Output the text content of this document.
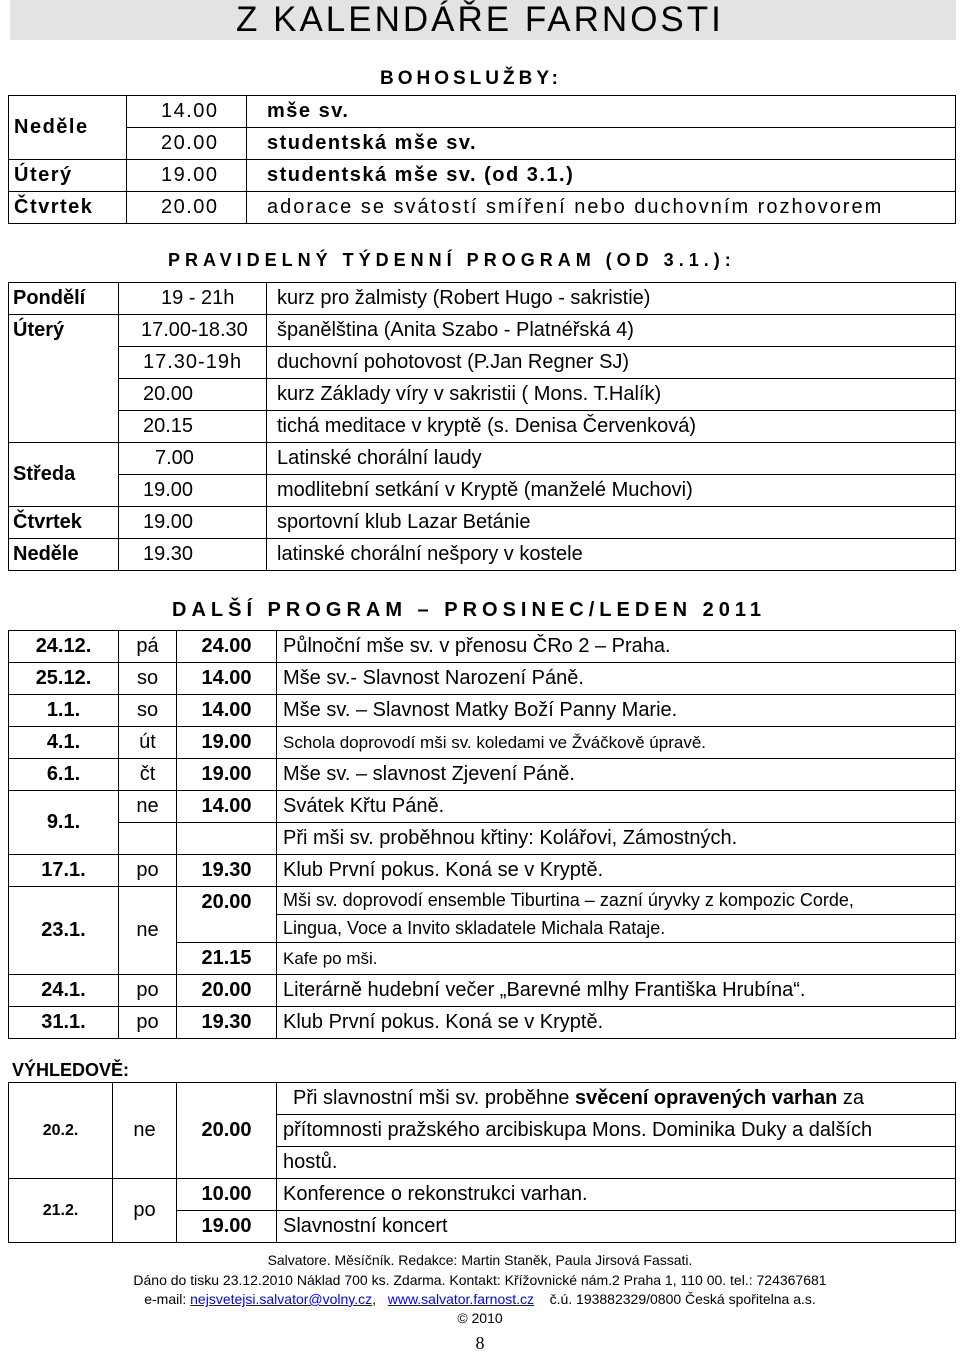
Z KALENDÁŘE FARNOSTI
BOHOSLUŽBY:
Neděle	14.00	mše sv.
	20.00	studentská mše sv.
Úterý	19.00	studentská mše sv. (od 3.1.)
Čtvrtek	20.00	adorace se svátostí smíření nebo duchovním rozhovorem
PRAVIDELNÝ TÝDENNÍ PROGRAM (OD 3.1.):
Pondělí	19 - 21h	kurz pro žalmisty (Robert Hugo - sakristie)
Úterý	17.00-18.30	španělština (Anita Szabo - Platnéřská 4)
	17.30-19h	duchovní pohotovost (P.Jan Regner SJ)
	20.00	kurz Základy víry v sakristii ( Mons. T.Halík)
	20.15	tichá meditace v kryptě (s. Denisa Červenková)
Středa	7.00	Latinské chorální laudy
	19.00	modlitební setkání v Kryptě (manželé Muchovi)
Čtvrtek	19.00	sportovní klub Lazar Betánie
Neděle	19.30	latinské chorální nešpory v kostele
DALŠÍ PROGRAM – PROSINEC/LEDEN 2011
24.12.	pá	24.00	Půlnoční mše sv. v přenosu ČRo 2 – Praha.
25.12.	so	14.00	Mše sv.- Slavnost Narození Páně.
1.1.	so	14.00	Mše sv. – Slavnost Matky Boží Panny Marie.
4.1.	út	19.00	Schola doprovodí mši sv. koledami ve Žváčkově úpravě.
6.1.	čt	19.00	Mše sv. – slavnost Zjevení Páně.
9.1.	ne	14.00	Svátek Křtu Páně.
			Při mši sv. proběhnou křtiny: Kolářovi, Zámostných.
17.1.	po	19.30	Klub První pokus. Koná se v Kryptě.
23.1.	ne	20.00	Mši sv. doprovodí ensemble Tiburtina – zazní úryvky z kompozic Corde,
			Lingua, Voce a Invito skladatele Michala Rataje.
		21.15	Kafe po mši.
24.1.	po	20.00	Literárně hudební večer „Barevné mlhy Františka Hrubína“.
31.1.	po	19.30	Klub První pokus. Koná se v Kryptě.
VÝHLEDOVĚ:
20.2.	ne	20.00	Při slavnostní mši sv. proběhne svěcení opravených varhan za
			přítomnosti pražského arcibiskupa Mons. Dominika Duky a dalších
			hostů.
21.2.	po	10.00	Konference o rekonstrukci varhan.
		19.00	Slavnostní koncert
Salvatore. Měsíčník. Redakce: Martin Staněk, Paula Jirsová Fassati.
Dáno do tisku 23.12.2010 Náklad 700 ks. Zdarma. Kontakt: Křížovnické nám.2 Praha 1, 110 00. tel.: 724367681
e-mail: nejsvetejsi.salvator@volny.cz, www.salvator.farnost.cz č.ú. 193882329/0800 Česká spořitelna a.s.
© 2010
8
